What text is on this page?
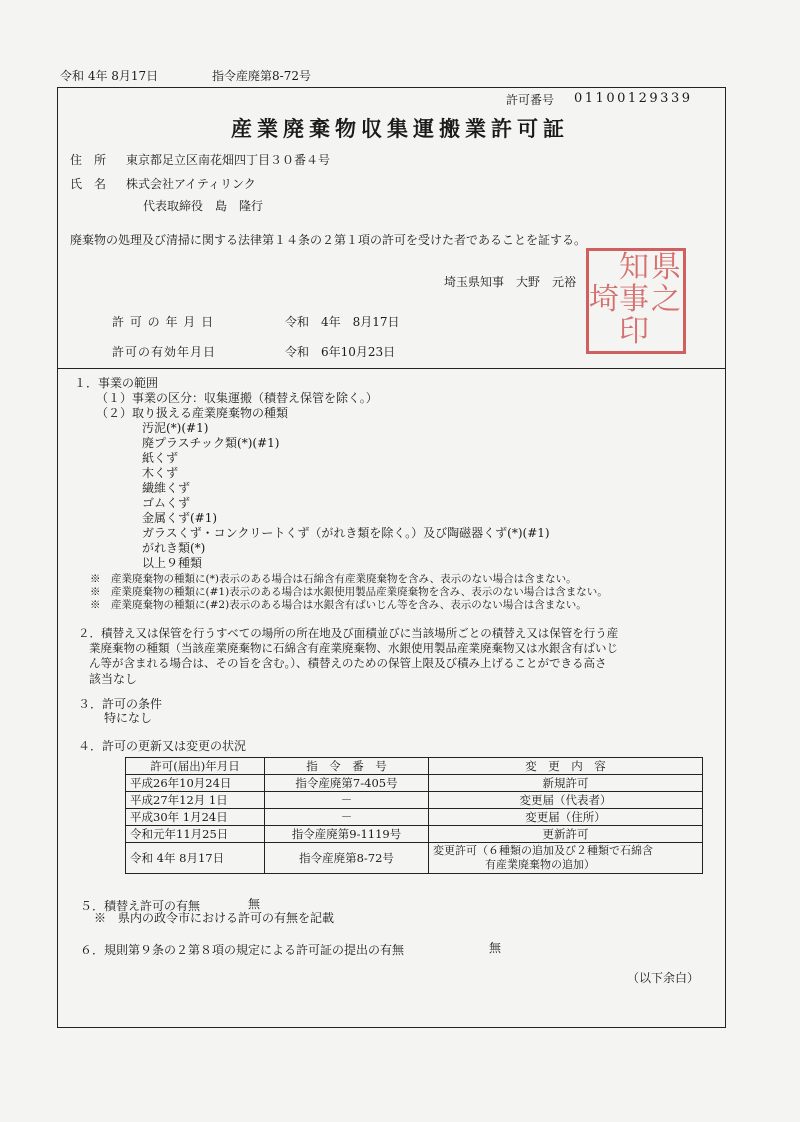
令和 4年 8月17日	指令産廃第8-72号
許可番号 01100129339
産業廃棄物収集運搬業許可証
住　所 東京都足立区南花畑四丁目３０番４号
氏　名 株式会社アイティリンク
代表取締役　島　隆行
廃棄物の処理及び清掃に関する法律第１４条の２第１項の許可を受けた者であることを証する。
埼玉県知事　大野　元裕 県
知
事 之
印
埼
許 可 の 年 月 日	令和　4年　8月17日
許可の有効年月日	令和　6年10月23日
１．事業の範囲
（１）事業の区分：収集運搬（積替え保管を除く。）
（２）取り扱える産業廃棄物の種類
汚泥(*)(#1)
廃プラスチック類(*)(#1)
紙くず
木くず
繊維くず
ゴムくず
金属くず(#1)
ガラスくず・コンクリートくず（がれき類を除く。）及び陶磁器くず(*)(#1)
がれき類(*)
以上９種類
※　産業廃棄物の種類に(*)表示のある場合は石綿含有産業廃棄物を含み、表示のない場合は含まない。
※　産業廃棄物の種類に(#1)表示のある場合は水銀使用製品産業廃棄物を含み、表示のない場合は含まない。
※　産業廃棄物の種類に(#2)表示のある場合は水銀含有ばいじん等を含み、表示のない場合は含まない。
２．積替え又は保管を行うすべての場所の所在地及び面積並びに当該場所ごとの積替え又は保管を行う産
業廃棄物の種類（当該産業廃棄物に石綿含有産業廃棄物、水銀使用製品産業廃棄物又は水銀含有ばいじ
ん等が含まれる場合は、その旨を含む。）、積替えのための保管上限及び積み上げることができる高さ
該当なし
３．許可の条件
特になし
４．許可の更新又は変更の状況
許可(届出)年月日	指　令　番　号	変　更　内　容
平成26年10月24日	指令産廃第7-405号	新規許可
平成27年12月 1日	－	変更届（代表者）
平成30年 1月24日	－	変更届（住所）
令和元年11月25日	指令産廃第9-1119号	更新許可
令和 4年 8月17日	指令産廃第8-72号	変更許可（６種類の追加及び２種類で石綿含
有産業廃棄物の追加）
５．積替え許可の有無	無
※　県内の政令市における許可の有無を記載
６．規則第９条の２第８項の規定による許可証の提出の有無	無
（以下余白）
